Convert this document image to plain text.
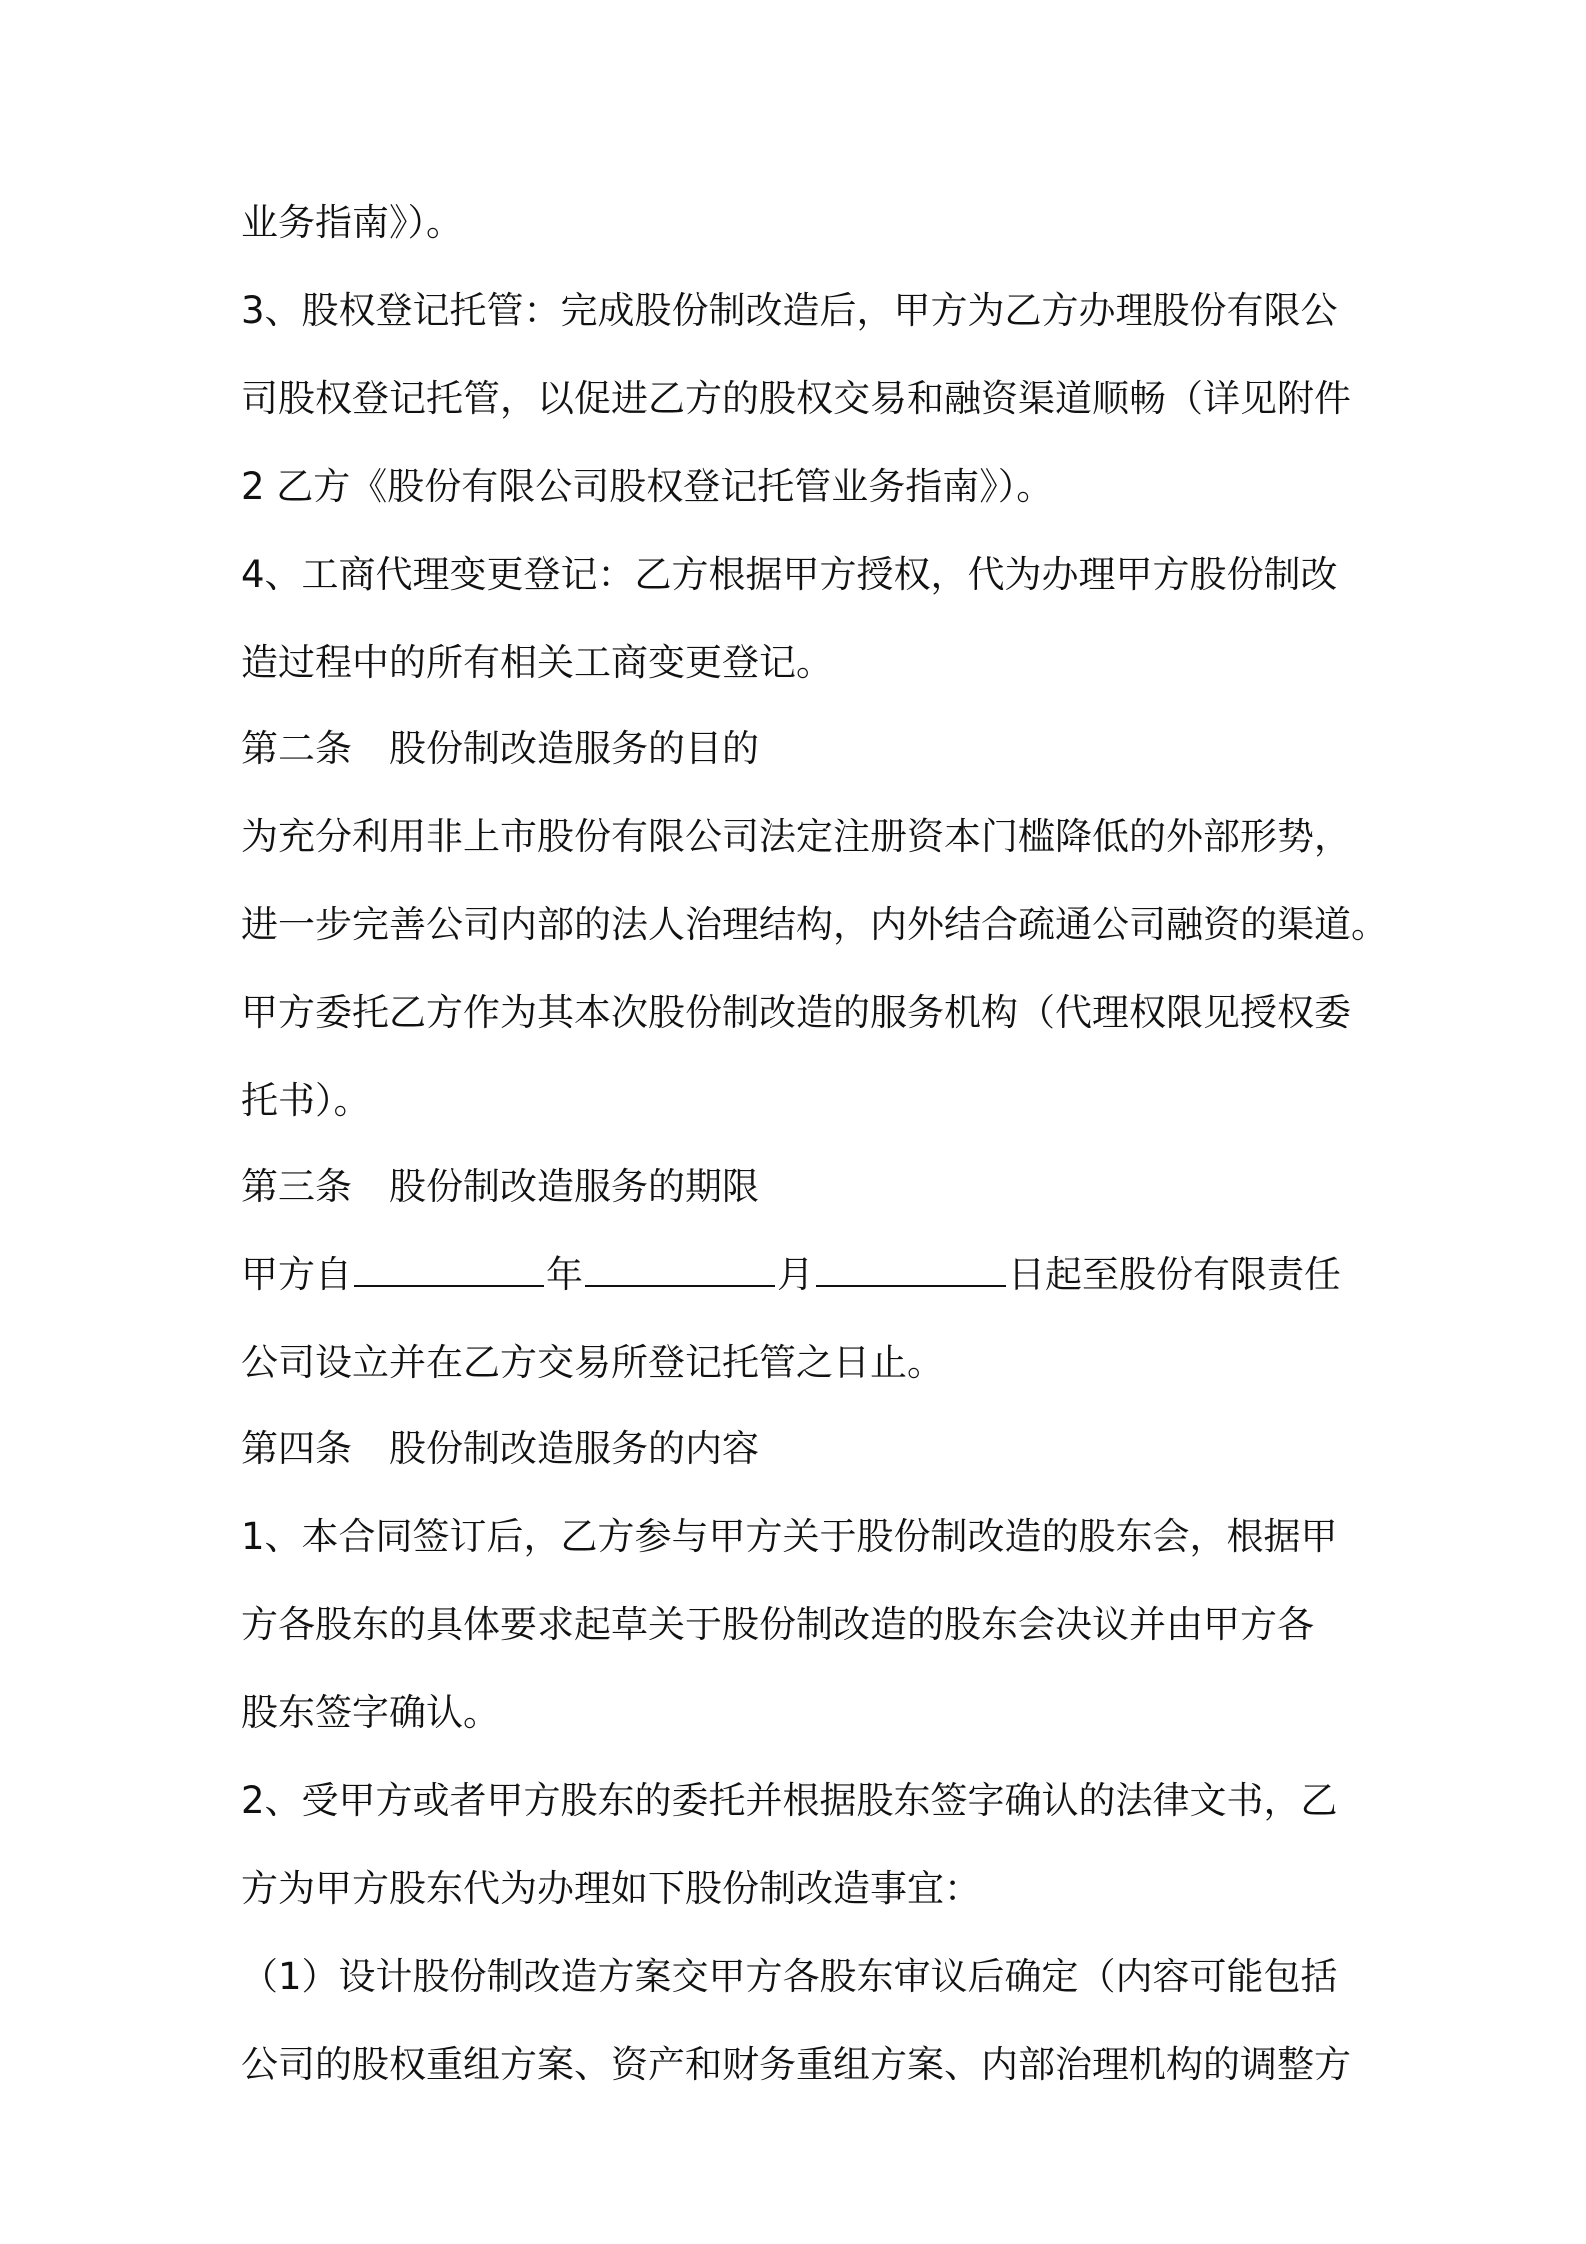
业务指南》）。
3、股权登记托管：完成股份制改造后，甲方为乙方办理股份有限公
司股权登记托管，以促进乙方的股权交易和融资渠道顺畅（详见附件
2 乙方《股份有限公司股权登记托管业务指南》）。
4、工商代理变更登记：乙方根据甲方授权，代为办理甲方股份制改
造过程中的所有相关工商变更登记。
第二条　股份制改造服务的目的
为充分利用非上市股份有限公司法定注册资本门槛降低的外部形势，
进一步完善公司内部的法人治理结构，内外结合疏通公司融资的渠道。
甲方委托乙方作为其本次股份制改造的服务机构（代理权限见授权委
托书）。
第三条　股份制改造服务的期限
甲方自	年	月	日起至股份有限责任
公司设立并在乙方交易所登记托管之日止。
第四条　股份制改造服务的内容
1、本合同签订后，乙方参与甲方关于股份制改造的股东会，根据甲
方各股东的具体要求起草关于股份制改造的股东会决议并由甲方各
股东签字确认。
2、受甲方或者甲方股东的委托并根据股东签字确认的法律文书，乙
方为甲方股东代为办理如下股份制改造事宜：
（1）设计股份制改造方案交甲方各股东审议后确定（内容可能包括
公司的股权重组方案、资产和财务重组方案、内部治理机构的调整方
